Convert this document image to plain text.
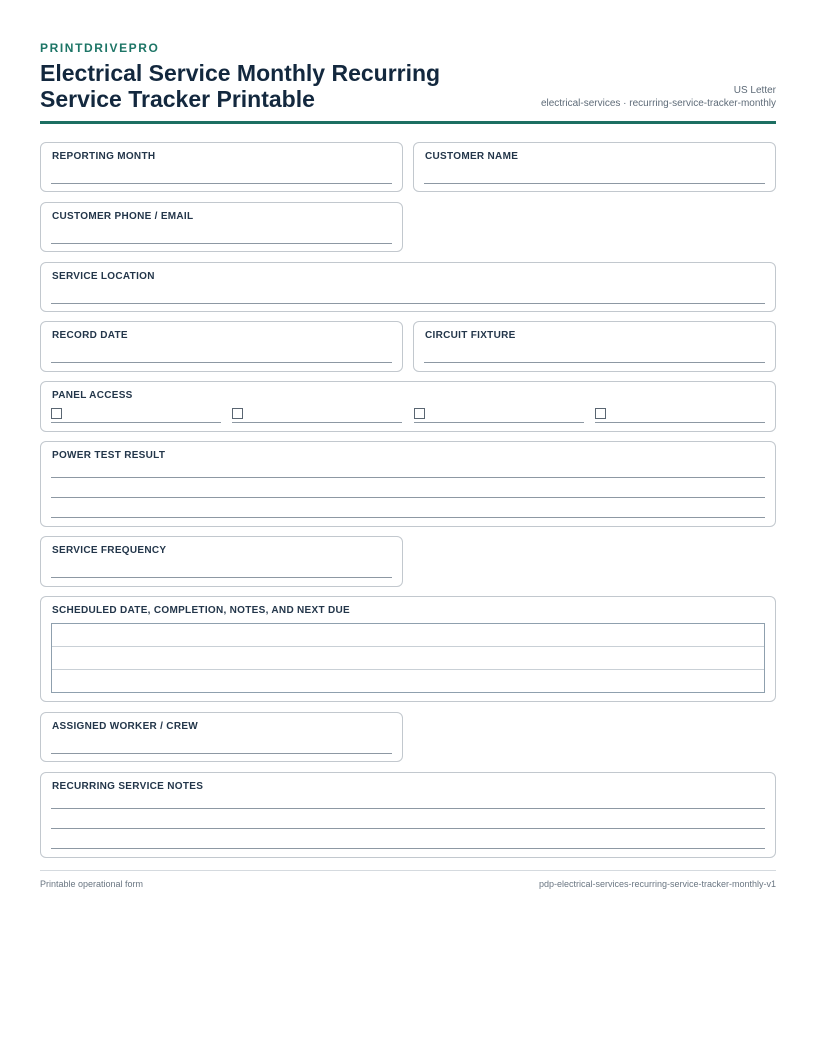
PRINTDRIVEPRO
Electrical Service Monthly Recurring Service Tracker Printable	US Letter
electrical-services · recurring-service-tracker-monthly
REPORTING MONTH	CUSTOMER NAME
CUSTOMER PHONE / EMAIL
SERVICE LOCATION
RECORD DATE	CIRCUIT FIXTURE
PANEL ACCESS
POWER TEST RESULT
SERVICE FREQUENCY
SCHEDULED DATE, COMPLETION, NOTES, AND NEXT DUE
ASSIGNED WORKER / CREW
RECURRING SERVICE NOTES
Printable operational form	pdp-electrical-services-recurring-service-tracker-monthly-v1
